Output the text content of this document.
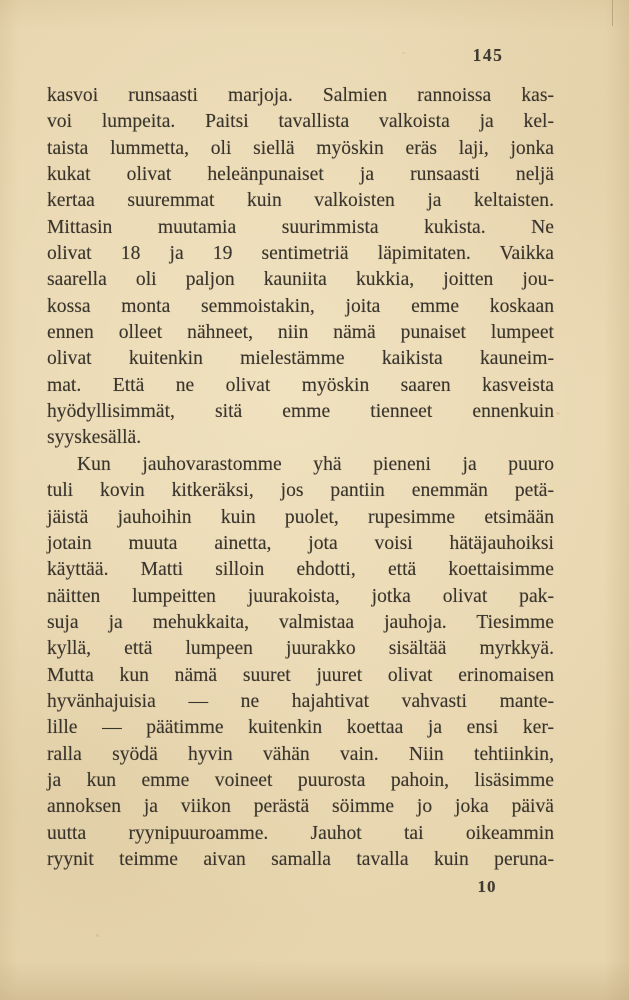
145
kasvoi runsaasti marjoja. Salmien rannoissa kas-
voi lumpeita. Paitsi tavallista valkoista ja kel-
taista lummetta, oli siellä myöskin eräs laji, jonka
kukat olivat heleänpunaiset ja runsaasti neljä
kertaa suuremmat kuin valkoisten ja keltaisten.
Mittasin muutamia suurimmista kukista. Ne
olivat 18 ja 19 sentimetriä läpimitaten. Vaikka
saarella oli paljon kauniita kukkia, joitten jou-
kossa monta semmoistakin, joita emme koskaan
ennen olleet nähneet, niin nämä punaiset lumpeet
olivat kuitenkin mielestämme kaikista kauneim-
mat. Että ne olivat myöskin saaren kasveista
hyödyllisimmät, sitä emme tienneet ennenkuin
syyskesällä.
Kun jauhovarastomme yhä pieneni ja puuro
tuli kovin kitkeräksi, jos pantiin enemmän petä-
jäistä jauhoihin kuin puolet, rupesimme etsimään
jotain muuta ainetta, jota voisi hätäjauhoiksi
käyttää. Matti silloin ehdotti, että koettaisimme
näitten lumpeitten juurakoista, jotka olivat pak-
suja ja mehukkaita, valmistaa jauhoja. Tiesimme
kyllä, että lumpeen juurakko sisältää myrkkyä.
Mutta kun nämä suuret juuret olivat erinomaisen
hyvänhajuisia — ne hajahtivat vahvasti mante-
lille — päätimme kuitenkin koettaa ja ensi ker-
ralla syödä hyvin vähän vain. Niin tehtiinkin,
ja kun emme voineet puurosta pahoin, lisäsimme
annoksen ja viikon perästä söimme jo joka päivä
uutta ryynipuuroamme. Jauhot tai oikeammin
ryynit teimme aivan samalla tavalla kuin peruna-
10
